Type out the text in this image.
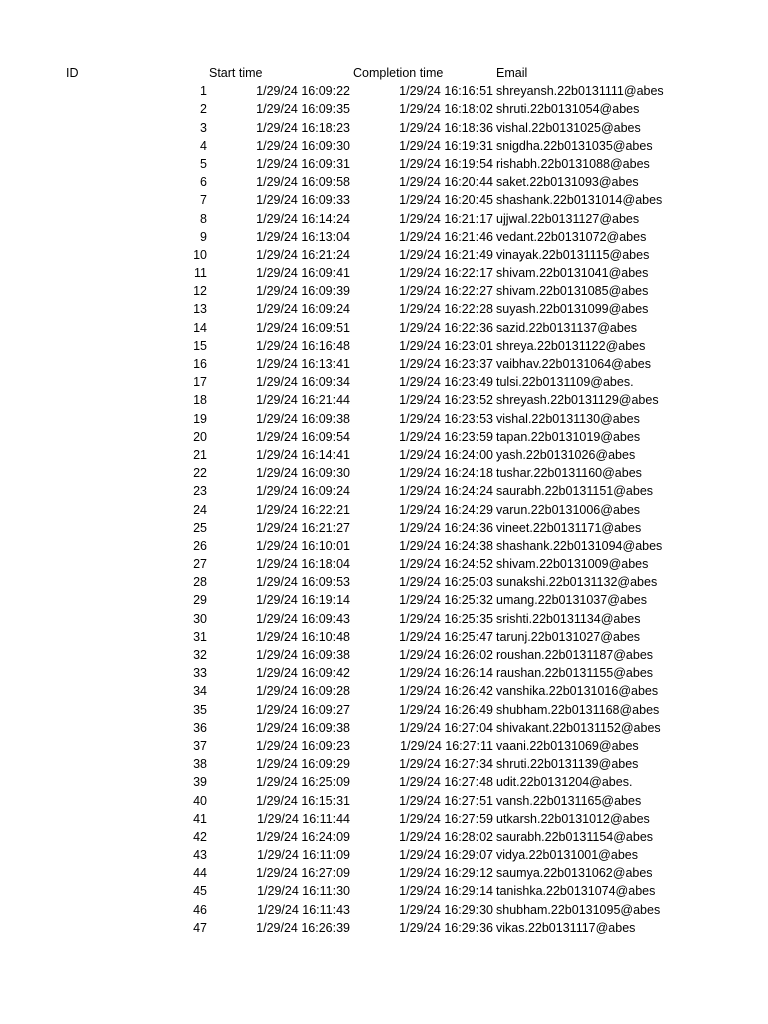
ID	Start time	Completion time	Email
1	1/29/24 16:09:22	1/29/24 16:16:51 shreyansh.22b0131111@abes
2	1/29/24 16:09:35	1/29/24 16:18:02 shruti.22b0131054@abes
3	1/29/24 16:18:23	1/29/24 16:18:36 vishal.22b0131025@abes
4	1/29/24 16:09:30	1/29/24 16:19:31 snigdha.22b0131035@abes
5	1/29/24 16:09:31	1/29/24 16:19:54 rishabh.22b0131088@abes
6	1/29/24 16:09:58	1/29/24 16:20:44 saket.22b0131093@abes
7	1/29/24 16:09:33	1/29/24 16:20:45 shashank.22b0131014@abes
8	1/29/24 16:14:24	1/29/24 16:21:17 ujjwal.22b0131127@abes
9	1/29/24 16:13:04	1/29/24 16:21:46 vedant.22b0131072@abes
10	1/29/24 16:21:24	1/29/24 16:21:49 vinayak.22b0131115@abes
11	1/29/24 16:09:41	1/29/24 16:22:17 shivam.22b0131041@abes
12	1/29/24 16:09:39	1/29/24 16:22:27 shivam.22b0131085@abes
13	1/29/24 16:09:24	1/29/24 16:22:28 suyash.22b0131099@abes
14	1/29/24 16:09:51	1/29/24 16:22:36 sazid.22b0131137@abes
15	1/29/24 16:16:48	1/29/24 16:23:01 shreya.22b0131122@abes
16	1/29/24 16:13:41	1/29/24 16:23:37 vaibhav.22b0131064@abes
17	1/29/24 16:09:34	1/29/24 16:23:49 tulsi.22b0131109@abes.
18	1/29/24 16:21:44	1/29/24 16:23:52 shreyash.22b0131129@abes
19	1/29/24 16:09:38	1/29/24 16:23:53 vishal.22b0131130@abes
20	1/29/24 16:09:54	1/29/24 16:23:59 tapan.22b0131019@abes
21	1/29/24 16:14:41	1/29/24 16:24:00 yash.22b0131026@abes
22	1/29/24 16:09:30	1/29/24 16:24:18 tushar.22b0131160@abes
23	1/29/24 16:09:24	1/29/24 16:24:24 saurabh.22b0131151@abes
24	1/29/24 16:22:21	1/29/24 16:24:29 varun.22b0131006@abes
25	1/29/24 16:21:27	1/29/24 16:24:36 vineet.22b0131171@abes
26	1/29/24 16:10:01	1/29/24 16:24:38 shashank.22b0131094@abes
27	1/29/24 16:18:04	1/29/24 16:24:52 shivam.22b0131009@abes
28	1/29/24 16:09:53	1/29/24 16:25:03 sunakshi.22b0131132@abes
29	1/29/24 16:19:14	1/29/24 16:25:32 umang.22b0131037@abes
30	1/29/24 16:09:43	1/29/24 16:25:35 srishti.22b0131134@abes
31	1/29/24 16:10:48	1/29/24 16:25:47 tarunj.22b0131027@abes
32	1/29/24 16:09:38	1/29/24 16:26:02 roushan.22b0131187@abes
33	1/29/24 16:09:42	1/29/24 16:26:14 raushan.22b0131155@abes
34	1/29/24 16:09:28	1/29/24 16:26:42 vanshika.22b0131016@abes
35	1/29/24 16:09:27	1/29/24 16:26:49 shubham.22b0131168@abes
36	1/29/24 16:09:38	1/29/24 16:27:04 shivakant.22b0131152@abes
37	1/29/24 16:09:23	1/29/24 16:27:11 vaani.22b0131069@abes
38	1/29/24 16:09:29	1/29/24 16:27:34 shruti.22b0131139@abes
39	1/29/24 16:25:09	1/29/24 16:27:48 udit.22b0131204@abes.
40	1/29/24 16:15:31	1/29/24 16:27:51 vansh.22b0131165@abes
41	1/29/24 16:11:44	1/29/24 16:27:59 utkarsh.22b0131012@abes
42	1/29/24 16:24:09	1/29/24 16:28:02 saurabh.22b0131154@abes
43	1/29/24 16:11:09	1/29/24 16:29:07 vidya.22b0131001@abes
44	1/29/24 16:27:09	1/29/24 16:29:12 saumya.22b0131062@abes
45	1/29/24 16:11:30	1/29/24 16:29:14 tanishka.22b0131074@abes
46	1/29/24 16:11:43	1/29/24 16:29:30 shubham.22b0131095@abes
47	1/29/24 16:26:39	1/29/24 16:29:36 vikas.22b0131117@abes
